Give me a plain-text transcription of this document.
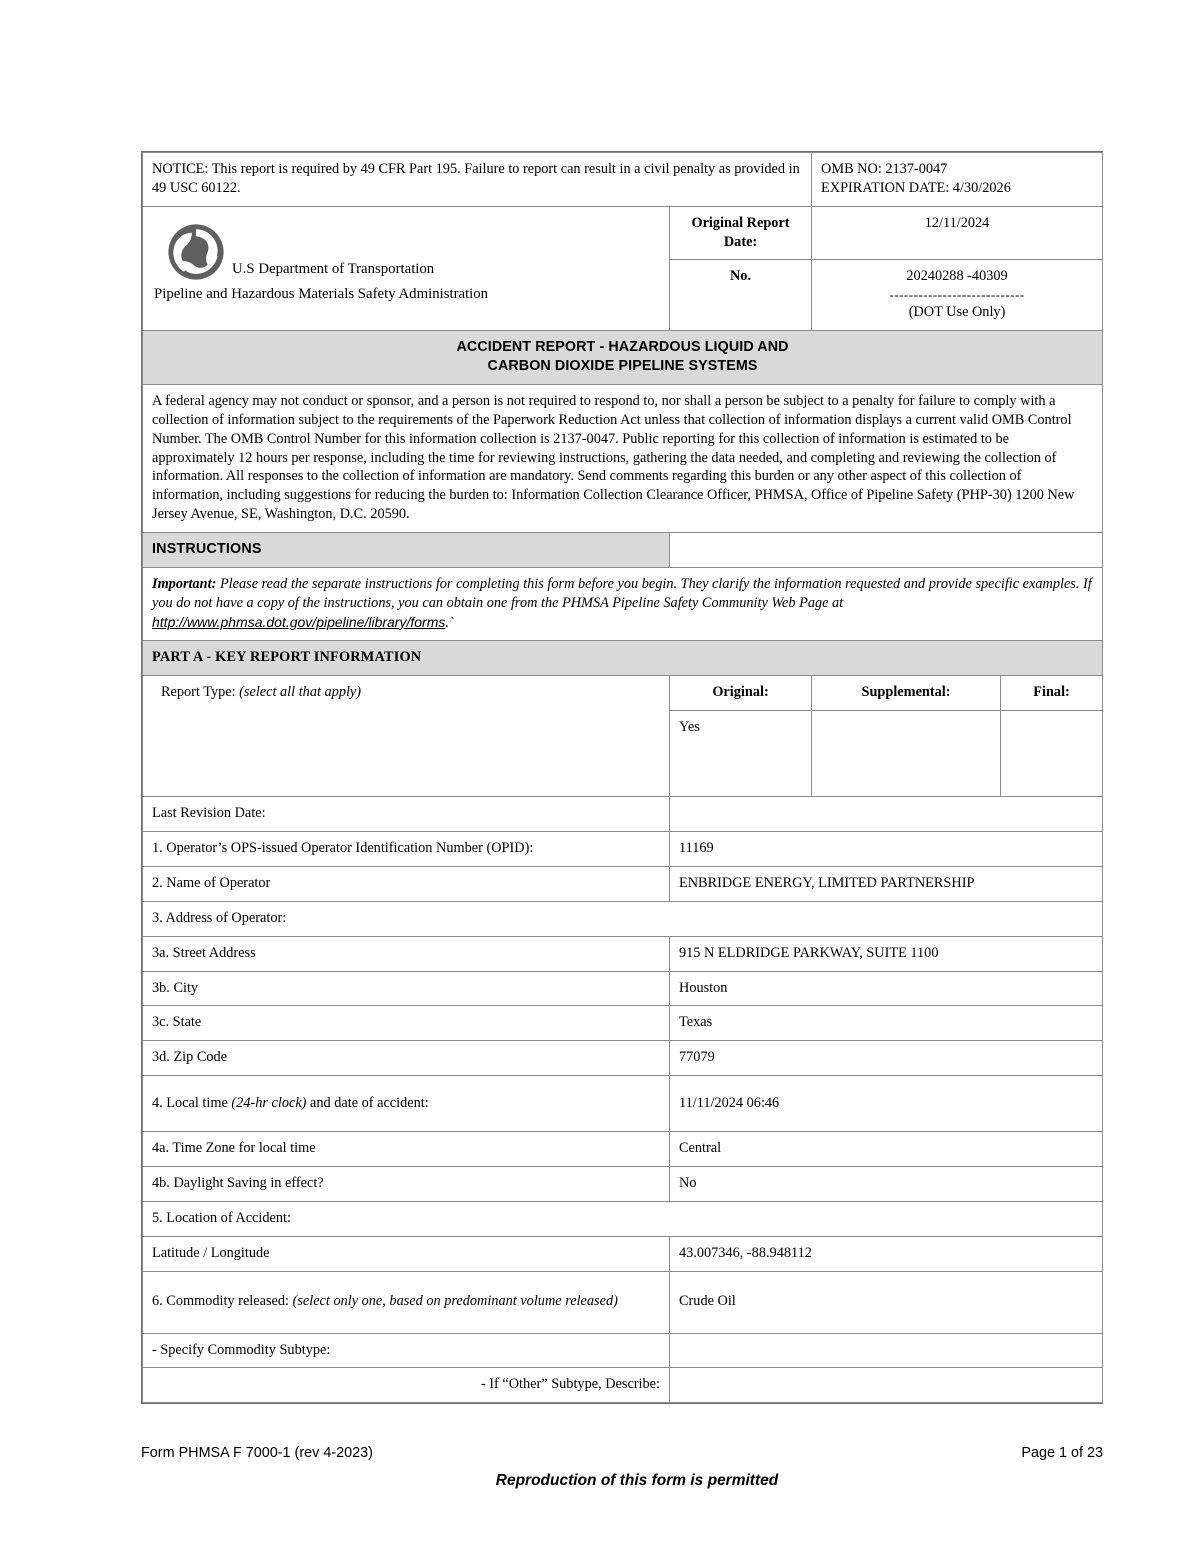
NOTICE: This report is required by 49 CFR Part 195. Failure to report can result in a civil penalty as provided in 49 USC 60122.		OMB NO: 2137-0047
EXPIRATION DATE: 4/30/2026	

U.S Department of Transportation
Pipeline and Hazardous Materials Safety Administration	Original Report Date:	12/11/2024	
	No.	20240288 -40309
----------------------------
(DOT Use Only)	

ACCIDENT REPORT - HAZARDOUS LIQUID AND
CARBON DIOXIDE PIPELINE SYSTEMS			

A federal agency may not conduct or sponsor, and a person is not required to respond to, nor shall a person be subject to a penalty for failure to comply with a collection of information subject to the requirements of the Paperwork Reduction Act unless that collection of information displays a current valid OMB Control Number. The OMB Control Number for this information collection is 2137-0047. Public reporting for this collection of information is estimated to be approximately 12 hours per response, including the time for reviewing instructions, gathering the data needed, and completing and reviewing the collection of information. All responses to the collection of information are mandatory. Send comments regarding this burden or any other aspect of this collection of information, including suggestions for reducing the burden to: Information Collection Clearance Officer, PHMSA, Office of Pipeline Safety (PHP-30) 1200 New Jersey Avenue, SE, Washington, D.C. 20590.			
INSTRUCTIONS			
Important: Please read the separate instructions for completing this form before you begin. They clarify the information requested and provide specific examples. If you do not have a copy of the instructions, you can obtain one from the PHMSA Pipeline Safety Community Web Page at http://www.phmsa.dot.gov/pipeline/library/forms.`			
PART A - KEY REPORT INFORMATION			

Report Type: (select all that apply)	Original:	Supplemental:	Final:
	Yes		
Last Revision Date:			
1. Operator’s OPS-issued Operator Identification Number (OPID):	11169		
2. Name of Operator	ENBRIDGE ENERGY, LIMITED PARTNERSHIP		
3. Address of Operator:			
3a. Street Address	915 N ELDRIDGE PARKWAY, SUITE 1100		
3b. City	Houston		
3c. State	Texas		
3d. Zip Code	77079		
4. Local time (24-hr clock) and date of accident:	11/11/2024 06:46		
4a. Time Zone for local time	Central		
4b. Daylight Saving in effect?	No		
5. Location of Accident:			
Latitude / Longitude	43.007346, -88.948112		
6. Commodity released: (select only one, based on predominant volume released)	Crude Oil		
- Specify Commodity Subtype:			
- If “Other” Subtype, Describe:			
Form PHMSA F 7000-1 (rev 4-2023)	Page 1 of 23
Reproduction of this form is permitted
